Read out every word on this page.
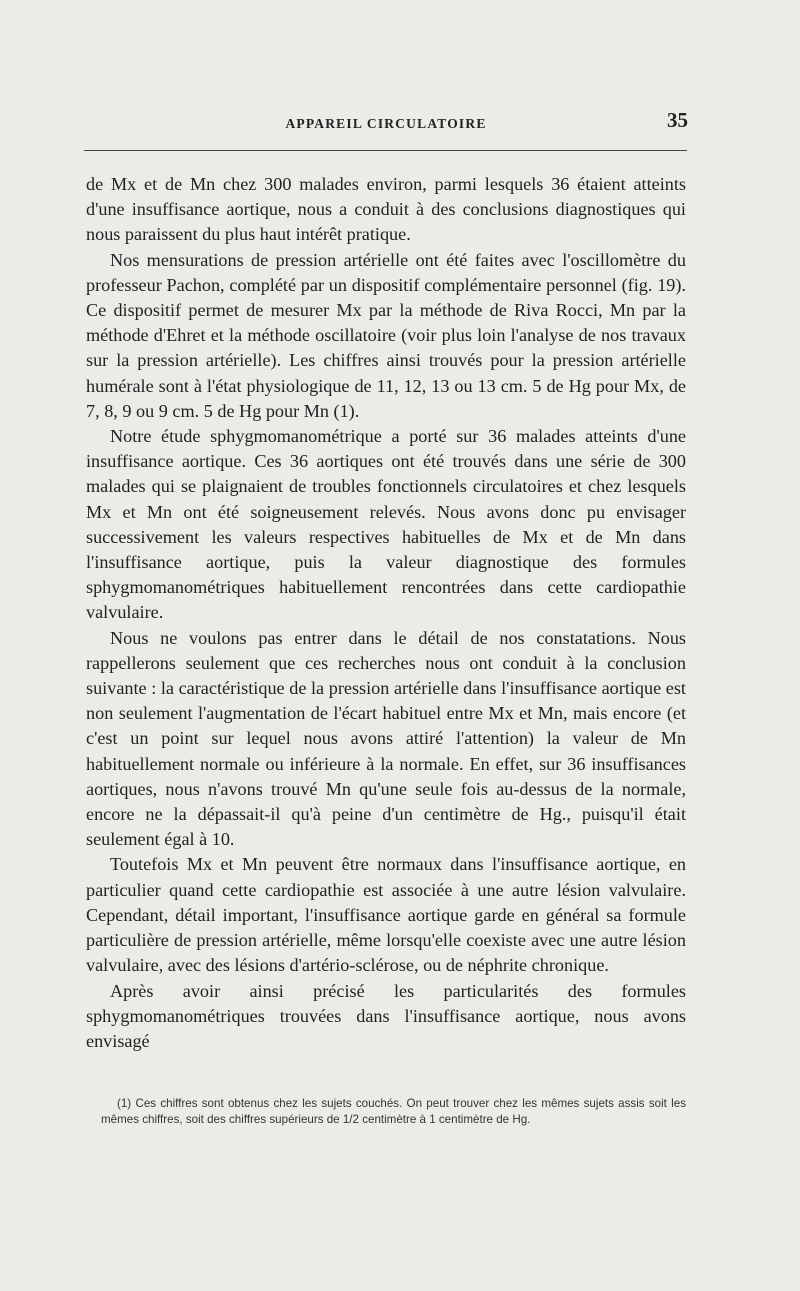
APPAREIL CIRCULATOIRE	35

de Mx et de Mn chez 300 malades environ, parmi lesquels 36 étaient atteints d'une insuffisance aortique, nous a conduit à des conclusions diagnostiques qui nous paraissent du plus haut intérêt pratique.

Nos mensurations de pression artérielle ont été faites avec l'oscillomètre du professeur Pachon, complété par un dispositif complémentaire personnel (fig. 19). Ce dispositif permet de mesurer Mx par la méthode de Riva Rocci, Mn par la méthode d'Ehret et la méthode oscillatoire (voir plus loin l'analyse de nos travaux sur la pression artérielle). Les chiffres ainsi trouvés pour la pression artérielle humérale sont à l'état physiologique de 11, 12, 13 ou 13 cm. 5 de Hg pour Mx, de 7, 8, 9 ou 9 cm. 5 de Hg pour Mn (1).

Notre étude sphygmomanométrique a porté sur 36 malades atteints d'une insuffisance aortique. Ces 36 aortiques ont été trouvés dans une série de 300 malades qui se plaignaient de troubles fonctionnels circulatoires et chez lesquels Mx et Mn ont été soigneusement relevés. Nous avons donc pu envisager successivement les valeurs respectives habituelles de Mx et de Mn dans l'insuffisance aortique, puis la valeur diagnostique des formules sphygmomanométriques habituellement rencontrées dans cette cardiopathie valvulaire.

Nous ne voulons pas entrer dans le détail de nos constatations. Nous rappellerons seulement que ces recherches nous ont conduit à la conclusion suivante : la caractéristique de la pression artérielle dans l'insuffisance aortique est non seulement l'augmentation de l'écart habituel entre Mx et Mn, mais encore (et c'est un point sur lequel nous avons attiré l'attention) la valeur de Mn habituellement normale ou inférieure à la normale. En effet, sur 36 insuffisances aortiques, nous n'avons trouvé Mn qu'une seule fois au-dessus de la normale, encore ne la dépassait-il qu'à peine d'un centimètre de Hg., puisqu'il était seulement égal à 10.

Toutefois Mx et Mn peuvent être normaux dans l'insuffisance aortique, en particulier quand cette cardiopathie est associée à une autre lésion valvulaire. Cependant, détail important, l'insuffisance aortique garde en général sa formule particulière de pression artérielle, même lorsqu'elle coexiste avec une autre lésion valvulaire, avec des lésions d'artério-sclérose, ou de néphrite chronique.

Après avoir ainsi précisé les particularités des formules sphygmomanométriques trouvées dans l'insuffisance aortique, nous avons envisagé

(1) Ces chiffres sont obtenus chez les sujets couchés. On peut trouver chez les mêmes sujets assis soit les mêmes chiffres, soit des chiffres supérieurs de 1/2 centimètre à 1 centimètre de Hg.
